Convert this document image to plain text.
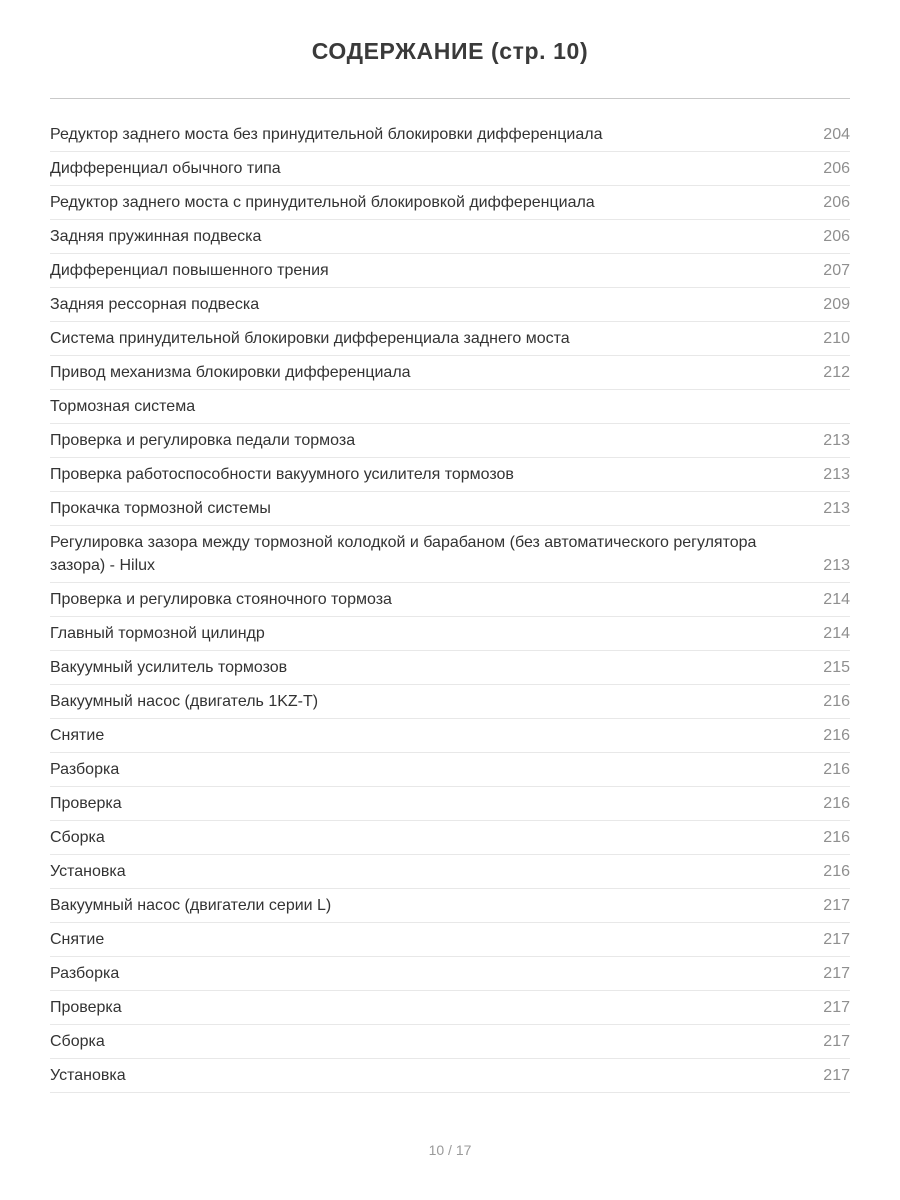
СОДЕРЖАНИЕ (стр. 10)
Редуктор заднего моста без принудительной блокировки дифференциала	204
Дифференциал обычного типа	206
Редуктор заднего моста с принудительной блокировкой дифференциала	206
Задняя пружинная подвеска	206
Дифференциал повышенного трения	207
Задняя рессорная подвеска	209
Система принудительной блокировки дифференциала заднего моста	210
Привод механизма блокировки дифференциала	212
Тормозная система
Проверка и регулировка педали тормоза	213
Проверка работоспособности вакуумного усилителя тормозов	213
Прокачка тормозной системы	213
Регулировка зазора между тормозной колодкой и барабаном (без автоматического регулятора зазора) - Hilux	213
Проверка и регулировка стояночного тормоза	214
Главный тормозной цилиндр	214
Вакуумный усилитель тормозов	215
Вакуумный насос (двигатель 1KZ-T)	216
Снятие	216
Разборка	216
Проверка	216
Сборка	216
Установка	216
Вакуумный насос (двигатели серии L)	217
Снятие	217
Разборка	217
Проверка	217
Сборка	217
Установка	217
10 / 17
